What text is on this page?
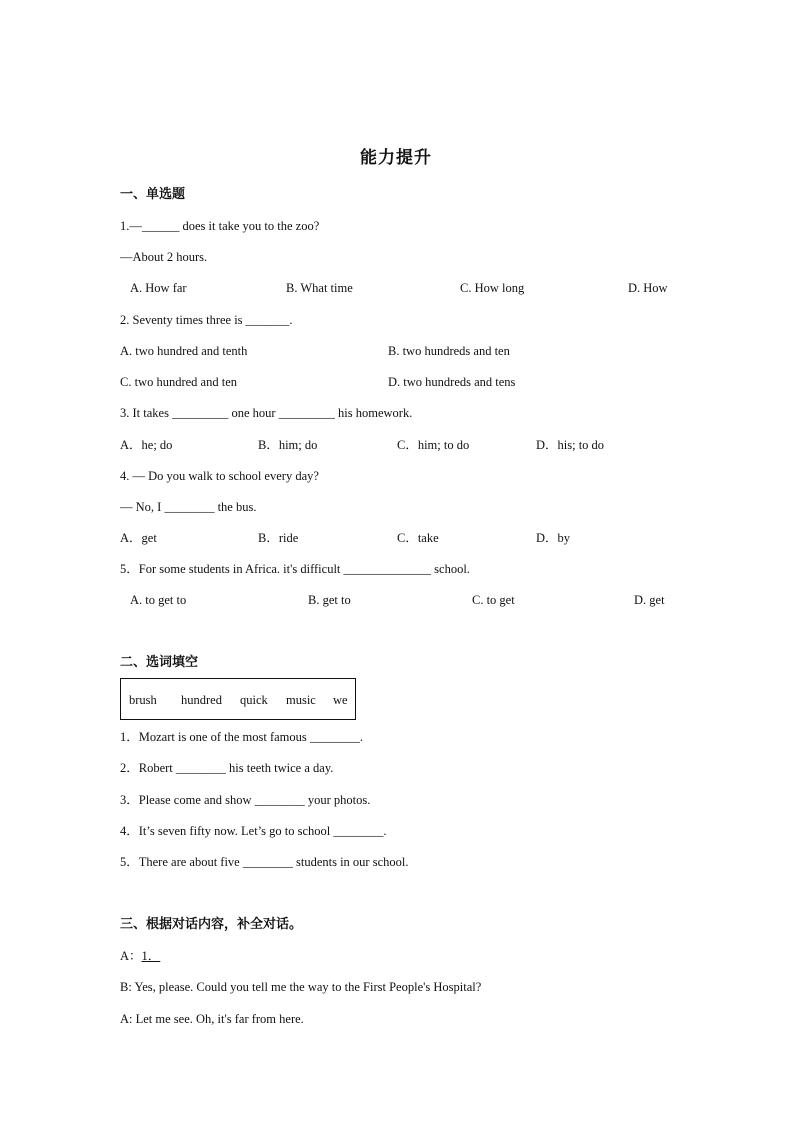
能力提升
一、单选题
1.—______ does it take you to the zoo?
—About 2 hours.
A. How far	B. What time	C. How long	D. How
2. Seventy times three is _______.
A. two hundred and tenth	B. two hundreds and ten
C. two hundred and ten	D. two hundreds and tens
3. It takes _________ one hour _________ his homework.
A．he; do	B．him; do	C．him; to do	D．his; to do
4. — Do you walk to school every day?
— No, I ________ the bus.
A．get	B．ride	C．take	D．by
5．For some students in Africa. it's difficult ______________ school.
A. to get to	B. get to	C. to get	D. get
二、选词填空
brush hundred quick music we
1．Mozart is one of the most famous ________.
2．Robert ________ his teeth twice a day.
3．Please come and show ________ your photos.
4．It’s seven fifty now. Let’s go to school ________.
5．There are about five ________ students in our school.
三、根据对话内容，补全对话。
A：1．
B: Yes, please. Could you tell me the way to the First People's Hospital?
A: Let me see. Oh, it's far from here.
